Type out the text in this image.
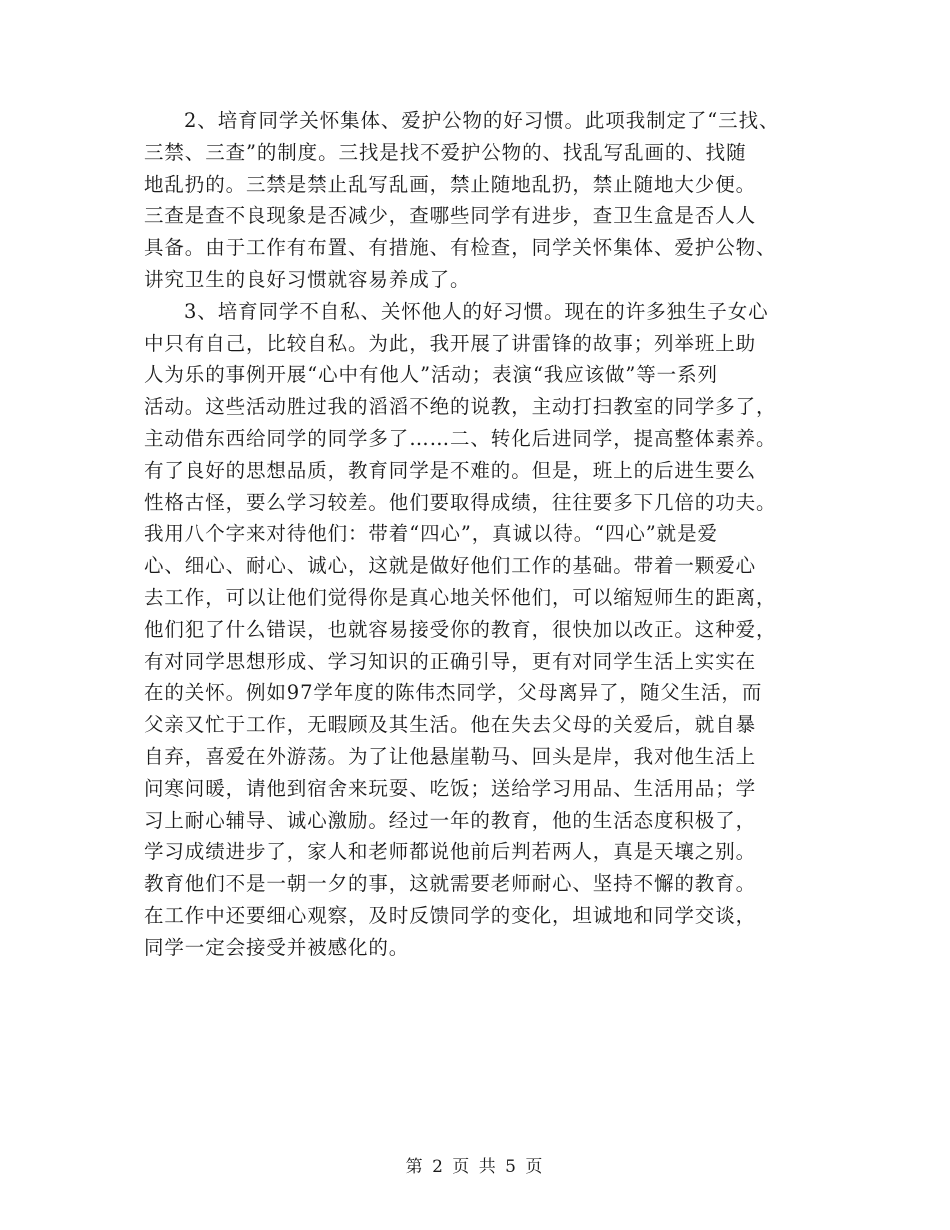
2、培育同学关怀集体、爱护公物的好习惯。此项我制定了“三找、
三禁、三查”的制度。三找是找不爱护公物的、找乱写乱画的、找随
地乱扔的。三禁是禁止乱写乱画，禁止随地乱扔，禁止随地大少便。
三查是查不良现象是否减少，查哪些同学有进步，查卫生盒是否人人
具备。由于工作有布置、有措施、有检查，同学关怀集体、爱护公物、
讲究卫生的良好习惯就容易养成了。
3、培育同学不自私、关怀他人的好习惯。现在的许多独生子女心
中只有自己，比较自私。为此，我开展了讲雷锋的故事；列举班上助
人为乐的事例开展“心中有他人”活动；表演“我应该做”等一系列
活动。这些活动胜过我的滔滔不绝的说教，主动打扫教室的同学多了，
主动借东西给同学的同学多了……二、转化后进同学，提高整体素养。
有了良好的思想品质，教育同学是不难的。但是，班上的后进生要么
性格古怪，要么学习较差。他们要取得成绩，往往要多下几倍的功夫。
我用八个字来对待他们：带着“四心”，真诚以待。“四心”就是爱
心、细心、耐心、诚心，这就是做好他们工作的基础。带着一颗爱心
去工作，可以让他们觉得你是真心地关怀他们，可以缩短师生的距离，
他们犯了什么错误，也就容易接受你的教育，很快加以改正。这种爱，
有对同学思想形成、学习知识的正确引导，更有对同学生活上实实在
在的关怀。例如97学年度的陈伟杰同学，父母离异了，随父生活，而
父亲又忙于工作，无暇顾及其生活。他在失去父母的关爱后，就自暴
自弃，喜爱在外游荡。为了让他悬崖勒马、回头是岸，我对他生活上
问寒问暖，请他到宿舍来玩耍、吃饭；送给学习用品、生活用品；学
习上耐心辅导、诚心激励。经过一年的教育，他的生活态度积极了，
学习成绩进步了，家人和老师都说他前后判若两人，真是天壤之别。
教育他们不是一朝一夕的事，这就需要老师耐心、坚持不懈的教育。
在工作中还要细心观察，及时反馈同学的变化，坦诚地和同学交谈，
同学一定会接受并被感化的。
第 2 页 共 5 页
